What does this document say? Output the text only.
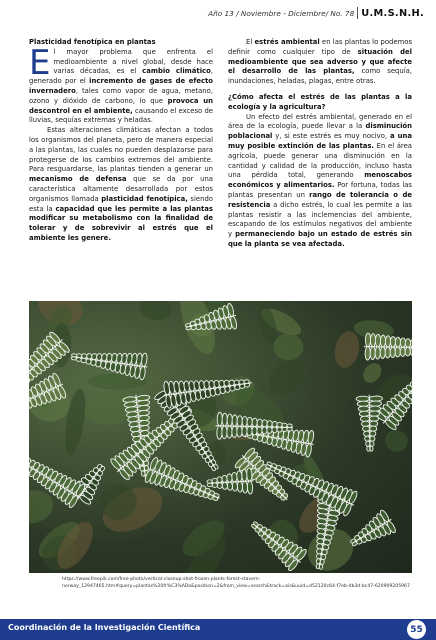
Año 13 / Noviembre - Diciembre/ No. 78 U.M.S.N.H.

Plasticidad fenotípica en plantas

El mayor problema que enfrenta el medioambiente a nivel global, desde hace varias décadas, es el cambio climático, generado por el incremento de gases de efecto invernadero, tales como vapor de agua, metano, ozono y dióxido de carbono, lo que provoca un descontrol en el ambiente, causando el exceso de lluvias, sequías extremas y heladas.

Estas alteraciones climáticas afectan a todos los organismos del planeta, pero de manera especial a las plantas, las cuales no pueden desplazarse para protegerse de los cambios extremos del ambiente. Para resguardarse, las plantas tienden a generar un mecanismo de defensa que se da por una característica altamente desarrollada por estos organismos llamada plasticidad fenotípica, siendo esta la capacidad que les permite a las plantas modificar su metabolismo con la finalidad de tolerar y de sobrevivir al estrés que el ambiente les genere.

El estrés ambiental en las plantas lo podemos definir como cualquier tipo de situación del medioambiente que sea adverso y que afecte el desarrollo de las plantas, como sequía, inundaciones, heladas, plagas, entre otras.

¿Cómo afecta el estrés de las plantas a la ecología y la agricultura?

Un efecto del estrés ambiental, generado en el área de la ecología, puede llevar a la disminución poblacional y, si este estrés es muy nocivo, a una muy posible extinción de las plantas. En el área agrícola, puede generar una disminución en la cantidad y calidad de la producción, incluso hasta una pérdida total, generando menoscabos económicos y alimentarios. Por fortuna, todas las plantas presentan un rango de tolerancia o de resistencia a dicho estrés, lo cual les permite a las plantas resistir a las inclemencias del ambiente, escapando de los estímulos negativos del ambiente y permaneciendo bajo un estado de estrés sin que la planta se vea afectada.

https://www.freepik.com/free-photo/vertical-closeup-shot-frozen-plants-forest-stavern-norway_12947465.htm#query=plantas%20fr%C3%ADo&position=2&from_view=search&track=ais&uuid=d52120c64-f7eb-4b3d-bc47-620909205967
Coordinación de la Investigación Científica	55
